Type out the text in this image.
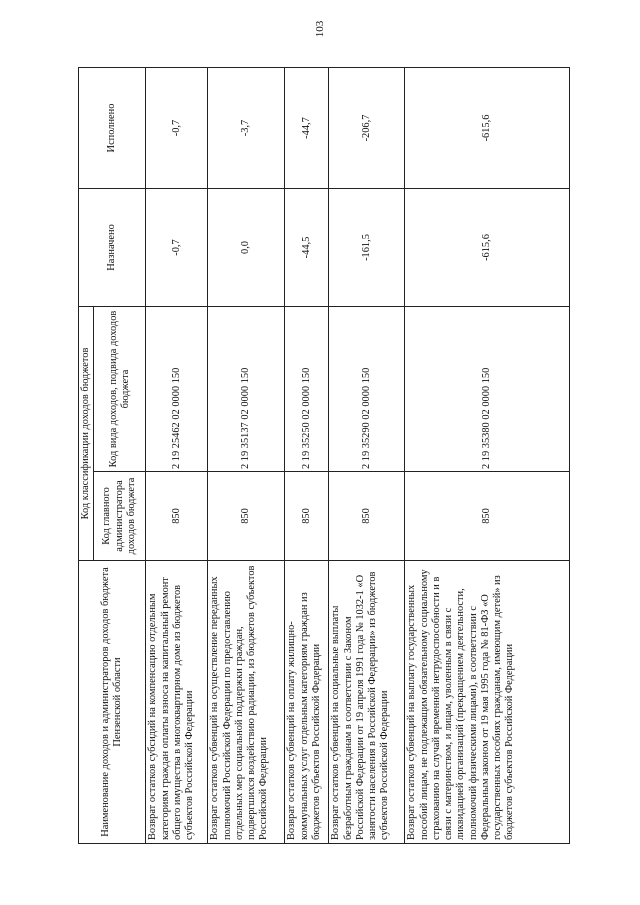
103
Наименование доходов и администраторов доходов бюджета Пензенской области	Код классификации доходов бюджетов		Назначено	Исполнено
	Код главного администратора доходов бюджета	Код вида доходов, подвида доходов бюджета		
Возврат остатков субсидий на компенсацию отдельным категориям граждан оплаты взноса на капитальный ремонт общего имущества в многоквартирном доме из бюджетов субъектов Российской Федерации	850	2 19 25462 02 0000 150	-0,7	-0,7
Возврат остатков субвенций на осуществление переданных полномочий Российской Федерации по предоставлению отдельных мер социальной поддержки граждан, подвергшихся воздействию радиации, из бюджетов субъектов Российской Федерации	850	2 19 35137 02 0000 150	0,0	-3,7
Возврат остатков субвенций на оплату жилищно-коммунальных услуг отдельным категориям граждан из бюджетов субъектов Российской Федерации	850	2 19 35250 02 0000 150	-44,5	-44,7
Возврат остатков субвенций на социальные выплаты безработным гражданам в соответствии с Законом Российской Федерации от 19 апреля 1991 года № 1032-1 «О занятости населения в Российской Федерации» из бюджетов субъектов Российской Федерации	850	2 19 35290 02 0000 150	-161,5	-206,7
Возврат остатков субвенций на выплату государственных пособий лицам, не подлежащим обязательному социальному страхованию на случай временной нетрудоспособности и в связи с материнством, и лицам, уволенным в связи с ликвидацией организаций (прекращением деятельности, полномочий физическими лицами), в соответствии с Федеральным законом от 19 мая 1995 года № 81-ФЗ «О государственных пособиях гражданам, имеющим детей» из бюджетов субъектов Российской Федерации	850	2 19 35380 02 0000 150	-615,6	-615,6
